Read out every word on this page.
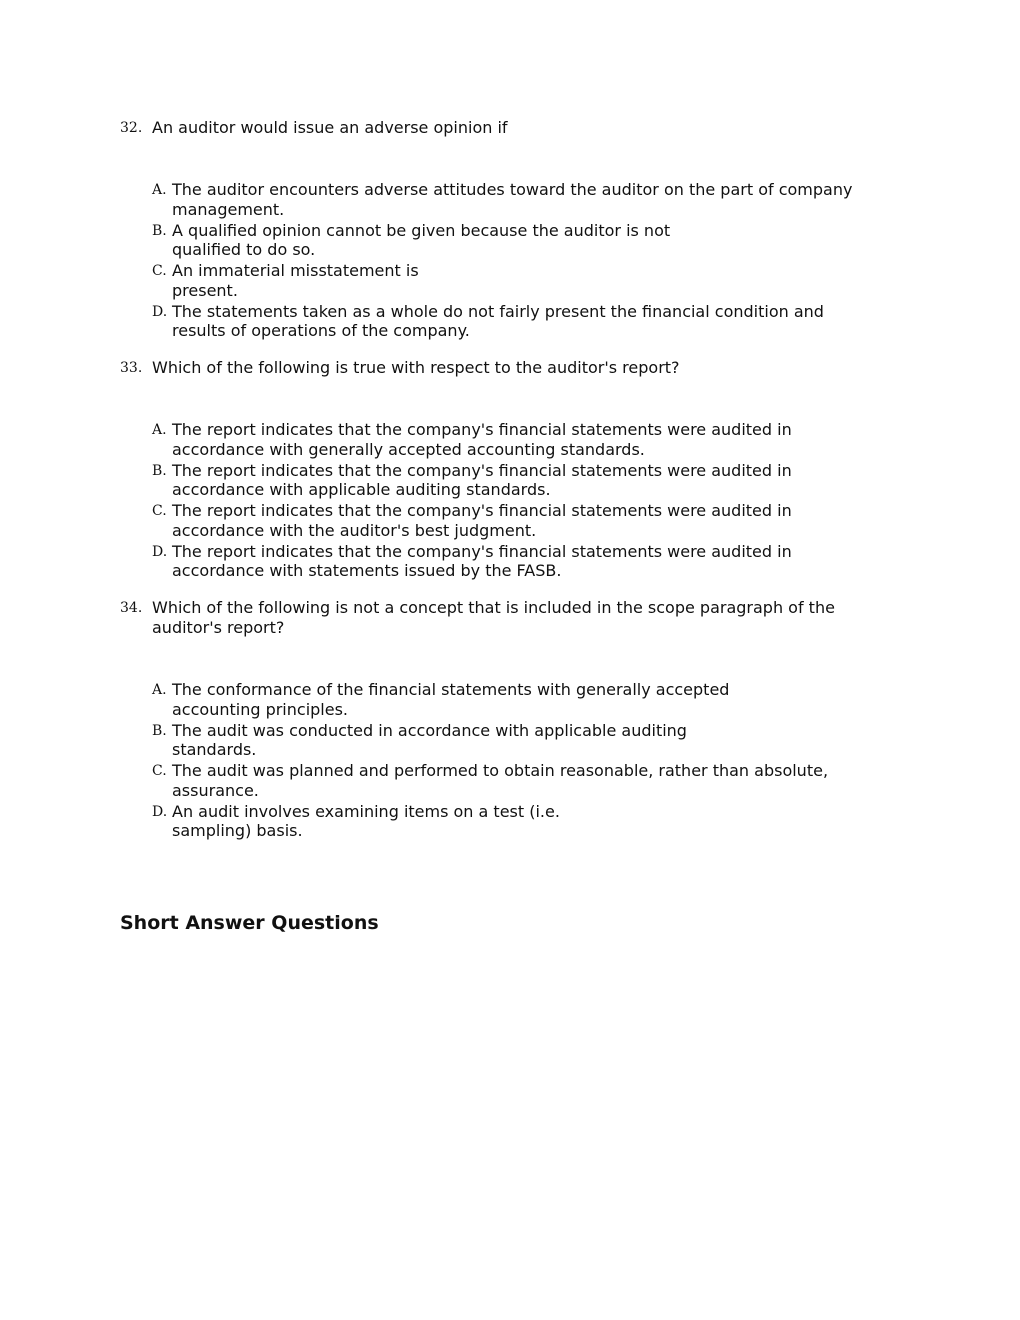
32. An auditor would issue an adverse opinion if
A. The auditor encounters adverse attitudes toward the auditor on the part of company
management.
B. A qualified opinion cannot be given because the auditor is not
qualified to do so.
C. An immaterial misstatement is
present.
D. The statements taken as a whole do not fairly present the financial condition and
results of operations of the company.
33. Which of the following is true with respect to the auditor's report?
A. The report indicates that the company's financial statements were audited in
accordance with generally accepted accounting standards.
B. The report indicates that the company's financial statements were audited in
accordance with applicable auditing standards.
C. The report indicates that the company's financial statements were audited in
accordance with the auditor's best judgment.
D. The report indicates that the company's financial statements were audited in
accordance with statements issued by the FASB.
34. Which of the following is not a concept that is included in the scope paragraph of the
auditor's report?
A. The conformance of the financial statements with generally accepted
accounting principles.
B. The audit was conducted in accordance with applicable auditing
standards.
C. The audit was planned and performed to obtain reasonable, rather than absolute,
assurance.
D. An audit involves examining items on a test (i.e.
sampling) basis.
Short Answer Questions
